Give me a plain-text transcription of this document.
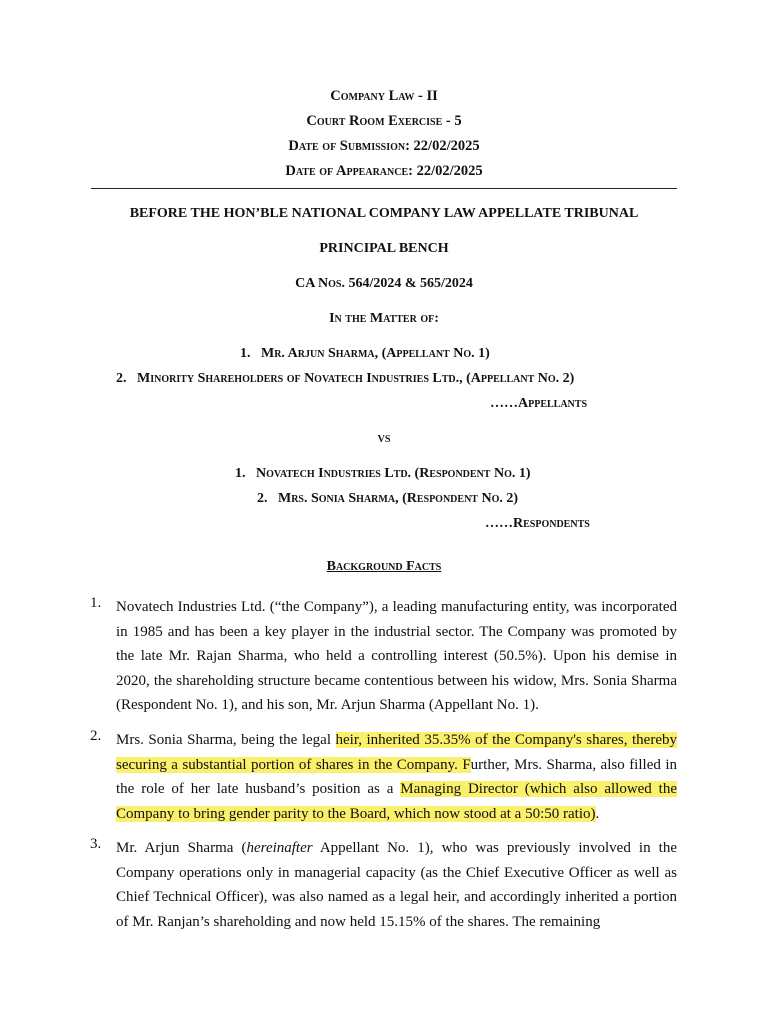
Company Law - II
Court Room Exercise - 5
Date of Submission: 22/02/2025
Date of Appearance: 22/02/2025
BEFORE THE HON’BLE NATIONAL COMPANY LAW APPELLATE TRIBUNAL
PRINCIPAL BENCH
CA Nos. 564/2024 & 565/2024
In the Matter of:
1. Mr. Arjun Sharma, (Appellant No. 1)
2. Minority Shareholders of Novatech Industries Ltd., (Appellant No. 2)
……Appellants
vs
1. Novatech Industries Ltd. (Respondent No. 1)
2. Mrs. Sonia Sharma, (Respondent No. 2)
……Respondents
Background Facts
1. Novatech Industries Ltd. (“the Company”), a leading manufacturing entity, was incorporated in 1985 and has been a key player in the industrial sector. The Company was promoted by the late Mr. Rajan Sharma, who held a controlling interest (50.5%). Upon his demise in 2020, the shareholding structure became contentious between his widow, Mrs. Sonia Sharma (Respondent No. 1), and his son, Mr. Arjun Sharma (Appellant No. 1).
2. Mrs. Sonia Sharma, being the legal heir, inherited 35.35% of the Company's shares, thereby securing a substantial portion of shares in the Company. Further, Mrs. Sharma, also filled in the role of her late husband’s position as a Managing Director (which also allowed the Company to bring gender parity to the Board, which now stood at a 50:50 ratio).
3. Mr. Arjun Sharma (hereinafter Appellant No. 1), who was previously involved in the Company operations only in managerial capacity (as the Chief Executive Officer as well as Chief Technical Officer), was also named as a legal heir, and accordingly inherited a portion of Mr. Ranjan’s shareholding and now held 15.15% of the shares. The remaining
